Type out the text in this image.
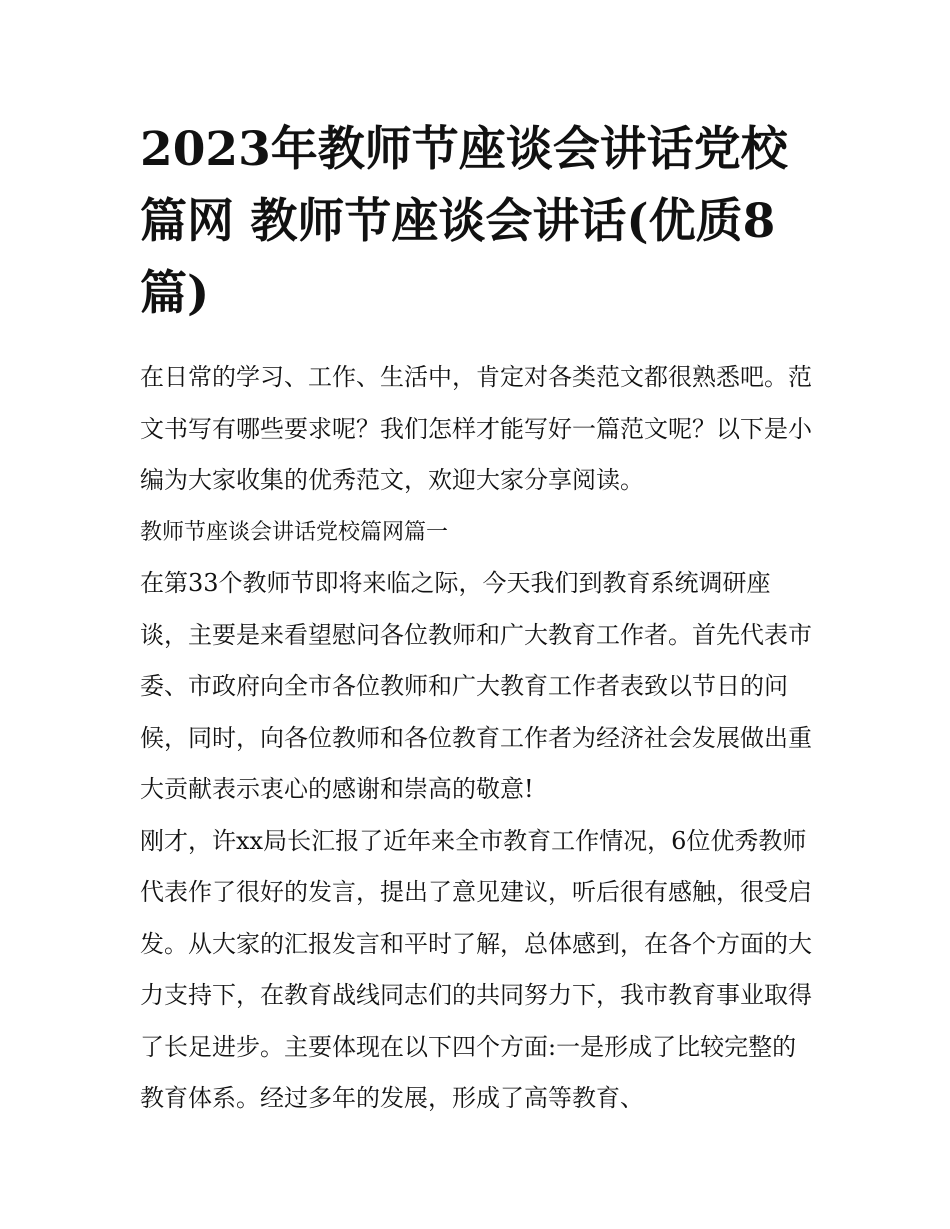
2023年教师节座谈会讲话党校篇网 教师节座谈会讲话(优质8篇)

在日常的学习、工作、生活中，肯定对各类范文都很熟悉吧。范文书写有哪些要求呢？我们怎样才能写好一篇范文呢？以下是小编为大家收集的优秀范文，欢迎大家分享阅读。

教师节座谈会讲话党校篇网篇一

在第33个教师节即将来临之际，今天我们到教育系统调研座谈，主要是来看望慰问各位教师和广大教育工作者。首先代表市委、市政府向全市各位教师和广大教育工作者表致以节日的问候，同时，向各位教师和各位教育工作者为经济社会发展做出重大贡献表示衷心的感谢和崇高的敬意!

刚才，许xx局长汇报了近年来全市教育工作情况，6位优秀教师代表作了很好的发言，提出了意见建议，听后很有感触，很受启发。从大家的汇报发言和平时了解，总体感到，在各个方面的大力支持下，在教育战线同志们的共同努力下，我市教育事业取得了长足进步。主要体现在以下四个方面:一是形成了比较完整的教育体系。经过多年的发展，形成了高等教育、
